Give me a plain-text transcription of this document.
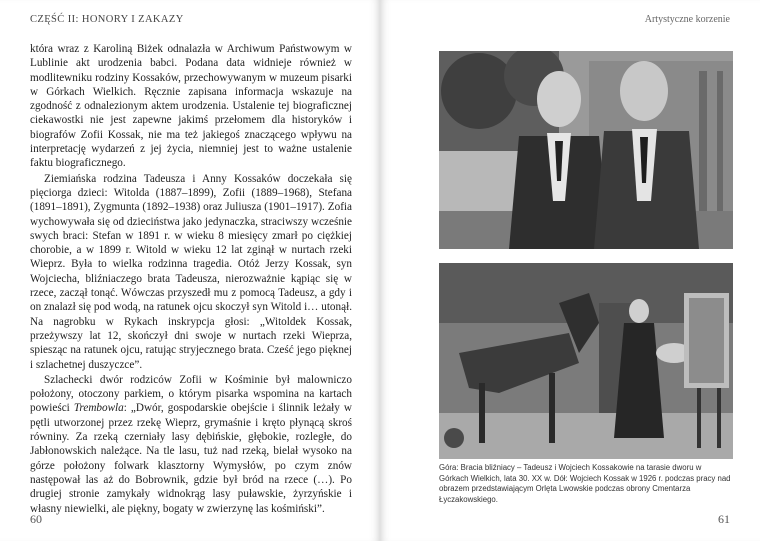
CZĘŚĆ II: HONORY I ZAKAZY

która wraz z Karoliną Biżek odnalazła w Archiwum Państwowym w Lublinie akt urodzenia babci. Podana data widnieje również w modlitewniku rodziny Kossaków, przechowywanym w muzeum pisarki w Górkach Wielkich. Ręcznie zapisana informacja wskazuje na zgodność z odnalezionym aktem urodzenia. Ustalenie tej biograficznej ciekawostki nie jest zapewne jakimś przełomem dla historyków i biografów Zofii Kossak, nie ma też jakiegoś znaczącego wpływu na interpretację wydarzeń z jej życia, niemniej jest to ważne ustalenie faktu biograficznego.

Ziemiańska rodzina Tadeusza i Anny Kossaków doczekała się pięciorga dzieci: Witolda (1887–1899), Zofii (1889–1968), Stefana (1891–1891), Zygmunta (1892–1938) oraz Juliusza (1901–1917). Zofia wychowywała się od dzieciństwa jako jedynaczka, straciwszy wcześnie swych braci: Stefan w 1891 r. w wieku 8 miesięcy zmarł po ciężkiej chorobie, a w 1899 r. Witold w wieku 12 lat zginął w nurtach rzeki Wieprz. Była to wielka rodzinna tragedia. Otóż Jerzy Kossak, syn Wojciecha, bliźniaczego brata Tadeusza, nierozważnie kąpiąc się w rzece, zaczął tonąć. Wówczas przyszedł mu z pomocą Tadeusz, a gdy i on znalazł się pod wodą, na ratunek ojcu skoczył syn Witold i… utonął. Na nagrobku w Rykach inskrypcja głosi: „Witoldek Kossak, przeżywszy lat 12, skończył dni swoje w nurtach rzeki Wieprza, spiesząc na ratunek ojcu, ratując stryjecznego brata. Cześć jego pięknej i szlachetnej duszyczce”.

Szlachecki dwór rodziców Zofii w Kośminie był malowniczo położony, otoczony parkiem, o którym pisarka wspomina na kartach powieści Trembowla: „Dwór, gospodarskie obejście i ślinnik leżały w pętli utworzonej przez rzekę Wieprz, grymaśnie i kręto płynącą skroś równiny. Za rzeką czerniały lasy dębińskie, głębokie, rozległe, do Jabłonowskich należące. Na tle lasu, tuż nad rzeką, bielał wysoko na górze położony folwark klasztorny Wymysłów, po czym znów następował las aż do Bobrownik, gdzie był bród na rzece (…). Po drugiej stronie zamykały widnokrąg lasy puławskie, żyrzyńskie i własny niewielki, ale piękny, bogaty w zwierzynę las kośmiński”.

60
Artystyczne korzenie
Góra: Bracia bliźniacy – Tadeusz i Wojciech Kossakowie na tarasie dworu w Górkach Wielkich, lata 30. XX w. Dół: Wojciech Kossak w 1926 r. podczas pracy nad obrazem przedstawiającym Orlęta Lwowskie podczas obrony Cmentarza Łyczakowskiego.
61
